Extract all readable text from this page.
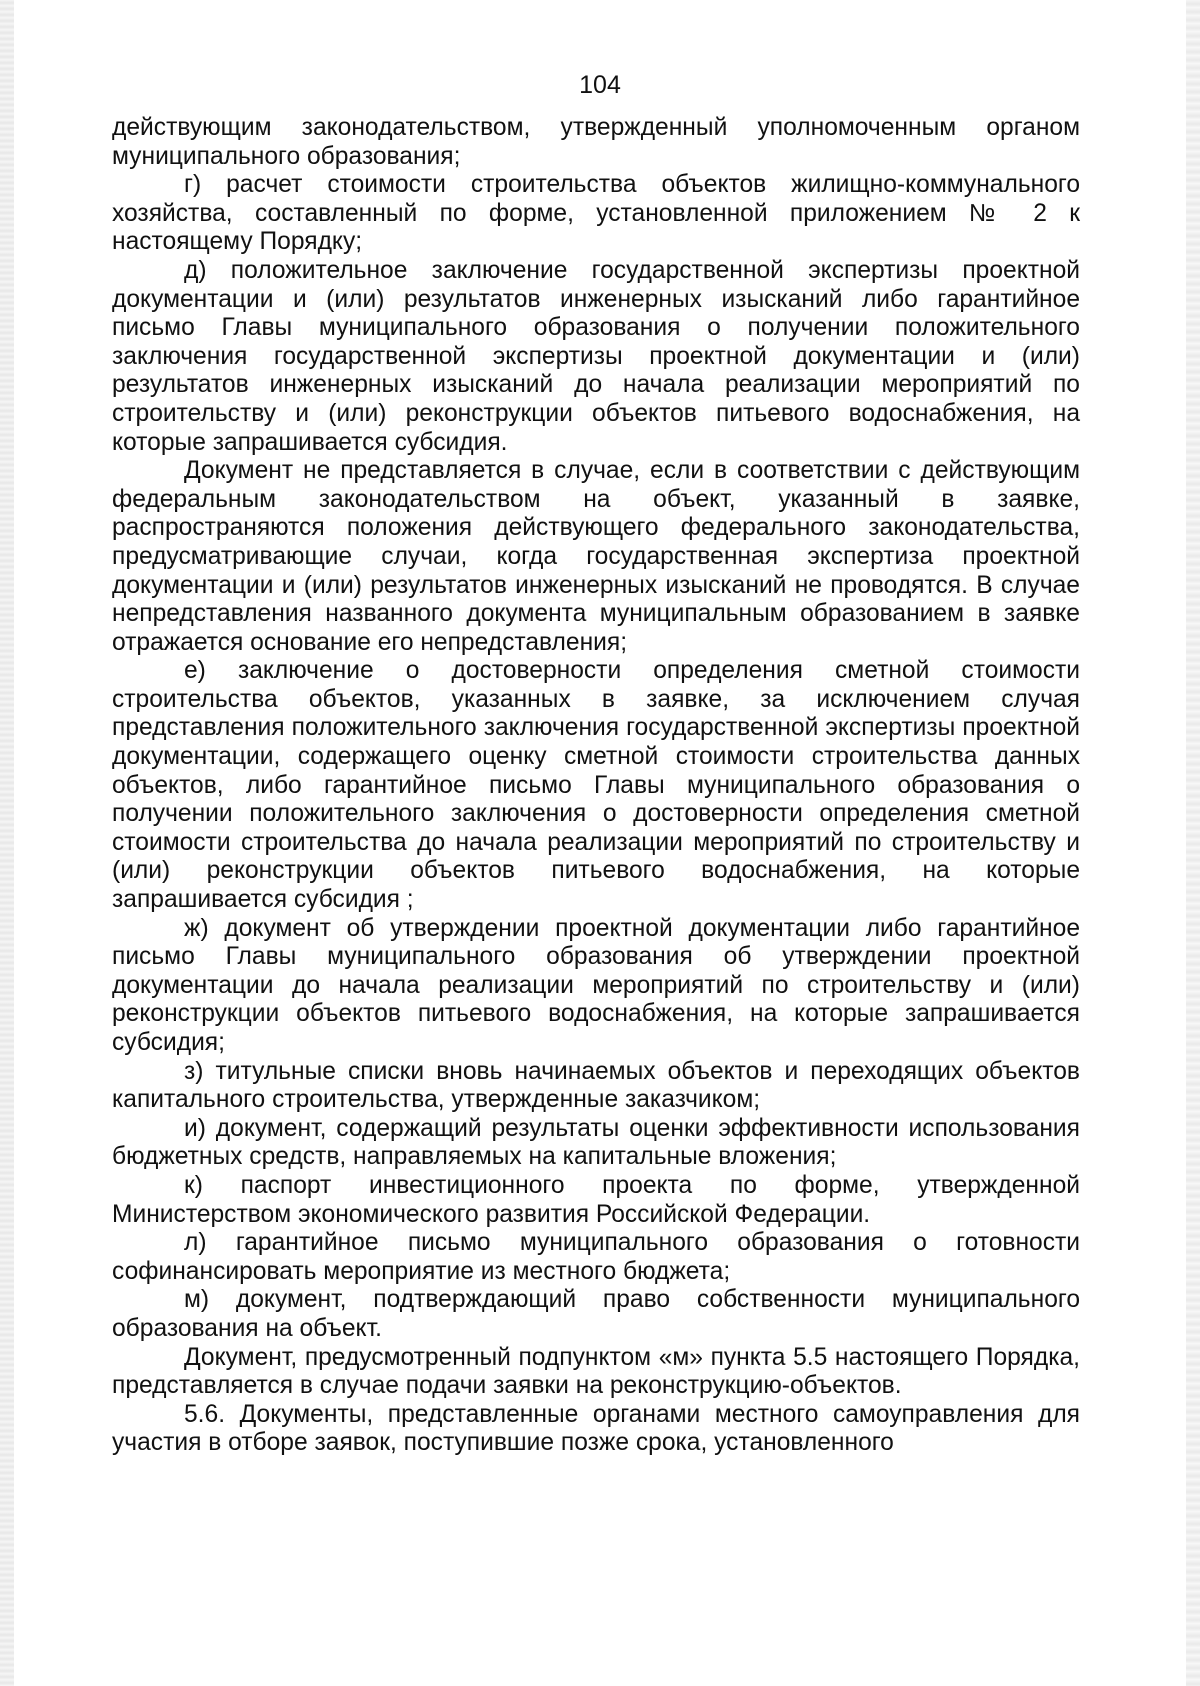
104

действующим законодательством, утвержденный уполномоченным органом муниципального образования;

г) расчет стоимости строительства объектов жилищно-коммунального хозяйства, составленный по форме, установленной приложением № 2 к настоящему Порядку;

д) положительное заключение государственной экспертизы проектной документации и (или) результатов инженерных изысканий либо гарантийное письмо Главы муниципального образования о получении положительного заключения государственной экспертизы проектной документации и (или) результатов инженерных изысканий до начала реализации мероприятий по строительству и (или) реконструкции объектов питьевого водоснабжения, на которые запрашивается субсидия.

Документ не представляется в случае, если в соответствии с действующим федеральным законодательством на объект, указанный в заявке, распространяются положения действующего федерального законодательства, предусматривающие случаи, когда государственная экспертиза проектной документации и (или) результатов инженерных изысканий не проводятся. В случае непредставления названного документа муниципальным образованием в заявке отражается основание его непредставления;

е) заключение о достоверности определения сметной стоимости строительства объектов, указанных в заявке, за исключением случая представления положительного заключения государственной экспертизы проектной документации, содержащего оценку сметной стоимости строительства данных объектов, либо гарантийное письмо Главы муниципального образования о получении положительного заключения о достоверности определения сметной стоимости строительства до начала реализации мероприятий по строительству и (или) реконструкции объектов питьевого водоснабжения, на которые запрашивается субсидия ;

ж) документ об утверждении проектной документации либо гарантийное письмо Главы муниципального образования об утверждении проектной документации до начала реализации мероприятий по строительству и (или) реконструкции объектов питьевого водоснабжения, на которые запрашивается субсидия;

з) титульные списки вновь начинаемых объектов и переходящих объектов капитального строительства, утвержденные заказчиком;

и) документ, содержащий результаты оценки эффективности использования бюджетных средств, направляемых на капитальные вложения;

к) паспорт инвестиционного проекта по форме, утвержденной Министерством экономического развития Российской Федерации.

л) гарантийное письмо муниципального образования о готовности софинансировать мероприятие из местного бюджета;

м) документ, подтверждающий право собственности муниципального образования на объект.

Документ, предусмотренный подпунктом «м» пункта 5.5 настоящего Порядка, представляется в случае подачи заявки на реконструкцию-объектов.

5.6. Документы, представленные органами местного самоуправления для участия в отборе заявок, поступившие позже срока, установленного
